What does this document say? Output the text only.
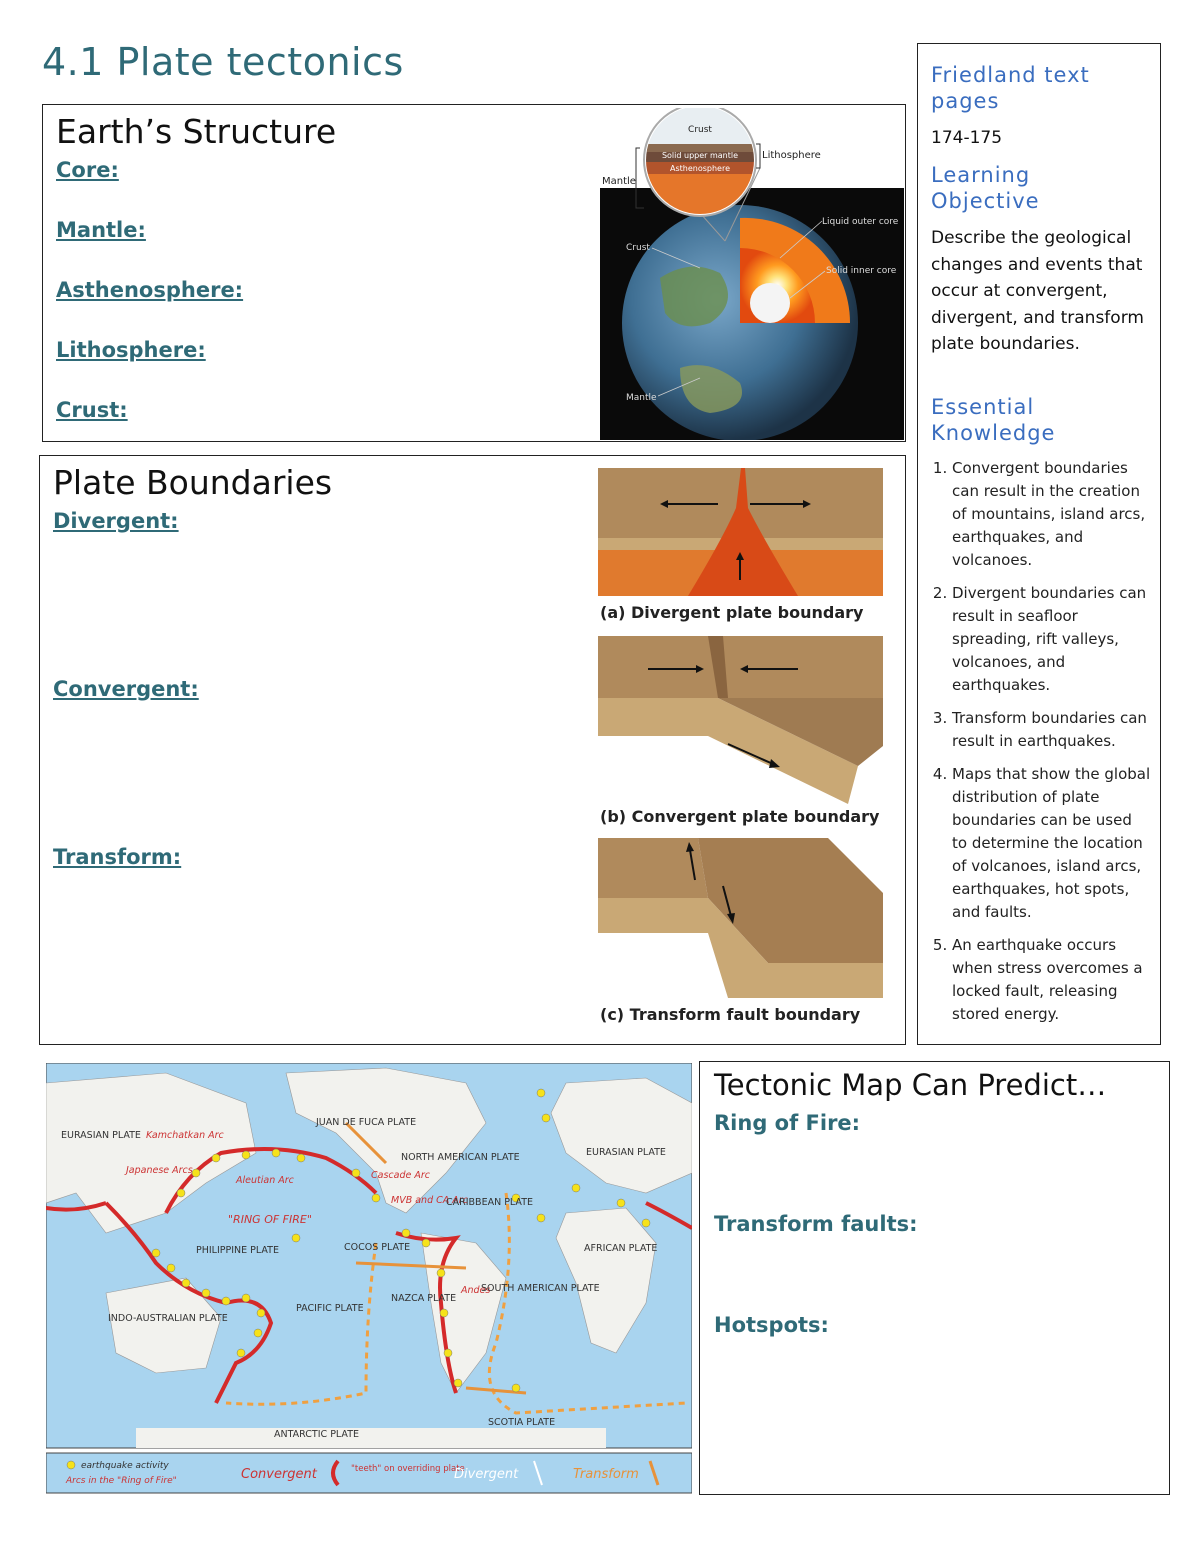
4.1 Plate tectonics
Earth’s Structure
Core:
Mantle:
Asthenosphere:
Lithosphere:
Crust:
Crust
Solid upper mantle
Asthenosphere
Lithosphere
Mantle
Liquid outer core
Solid inner core
Crust
Mantle
Plate Boundaries
Divergent:
Convergent:
Transform:
(a) Divergent plate boundary
(b) Convergent plate boundary
(c) Transform fault boundary
Friedland text pages
174-175
Learning Objective
Describe the geological changes and events that occur at convergent, divergent, and transform plate boundaries.
Essential Knowledge
1. Convergent boundaries can result in the creation of mountains, island arcs, earthquakes, and volcanoes.
2. Divergent boundaries can result in seafloor spreading, rift valleys, volcanoes, and earthquakes.
3. Transform boundaries can result in earthquakes.
4. Maps that show the global distribution of plate boundaries can be used to determine the location of volcanoes, island arcs, earthquakes, hot spots, and faults.
5. An earthquake occurs when stress overcomes a locked fault, releasing stored energy.
EURASIAN PLATE Kamchatkan Arc
Japanese Arcs
Aleutian Arc
"RING OF FIRE"
JUAN DE FUCA PLATE
Cascade Arc
NORTH AMERICAN PLATE
MVB and CA Arc
CARIBBEAN PLATE
EURASIAN PLATE
PHILIPPINE PLATE	COCOS PLATE	AFRICAN PLATE
PACIFIC PLATE
NAZCA PLATE
Andes
SOUTH AMERICAN PLATE
INDO-AUSTRALIAN PLATE
ANTARCTIC PLATE
SCOTIA PLATE
earthquake activity
Arcs in the "Ring of Fire"	Convergent	"teeth" on overriding plate
Divergent	Transform
Tectonic Map Can Predict…
Ring of Fire:
Transform faults:
Hotspots:
